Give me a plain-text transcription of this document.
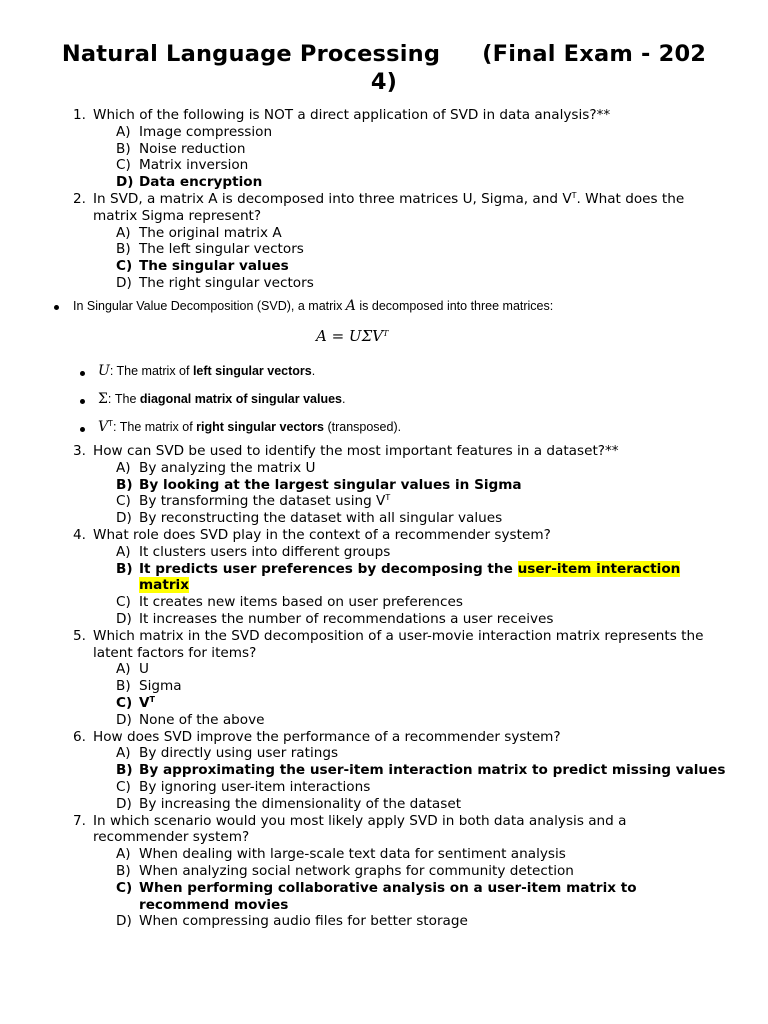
Natural Language Processing (Final Exam - 202
4)
1. Which of the following is NOT a direct application of SVD in data analysis?**
A) Image compression
B) Noise reduction
C) Matrix inversion
D) Data encryption
2. In SVD, a matrix A is decomposed into three matrices U, Sigma, and $V^T$. What does the matrix Sigma represent?
A) The original matrix A
B) The left singular vectors
C) The singular values
D) The right singular vectors
In Singular Value Decomposition (SVD), a matrix A is decomposed into three matrices:
$A = U\Sigma V^T$
U: The matrix of left singular vectors.
Σ: The diagonal matrix of singular values.
$V^T$: The matrix of right singular vectors (transposed).
3. How can SVD be used to identify the most important features in a dataset?**
A) By analyzing the matrix U
B) By looking at the largest singular values in Sigma
C) By transforming the dataset using $V^T$
D) By reconstructing the dataset with all singular values
4. What role does SVD play in the context of a recommender system?
A) It clusters users into different groups
B) It predicts user preferences by decomposing the user-item interaction matrix
C) It creates new items based on user preferences
D) It increases the number of recommendations a user receives
5. Which matrix in the SVD decomposition of a user-movie interaction matrix represents the latent factors for items?
A) U
B) Sigma
C) $V^T$
D) None of the above
6. How does SVD improve the performance of a recommender system?
A) By directly using user ratings
B) By approximating the user-item interaction matrix to predict missing values
C) By ignoring user-item interactions
D) By increasing the dimensionality of the dataset
7. In which scenario would you most likely apply SVD in both data analysis and a recommender system?
A) When dealing with large-scale text data for sentiment analysis
B) When analyzing social network graphs for community detection
C) When performing collaborative analysis on a user-item matrix to recommend movies
D) When compressing audio files for better storage
